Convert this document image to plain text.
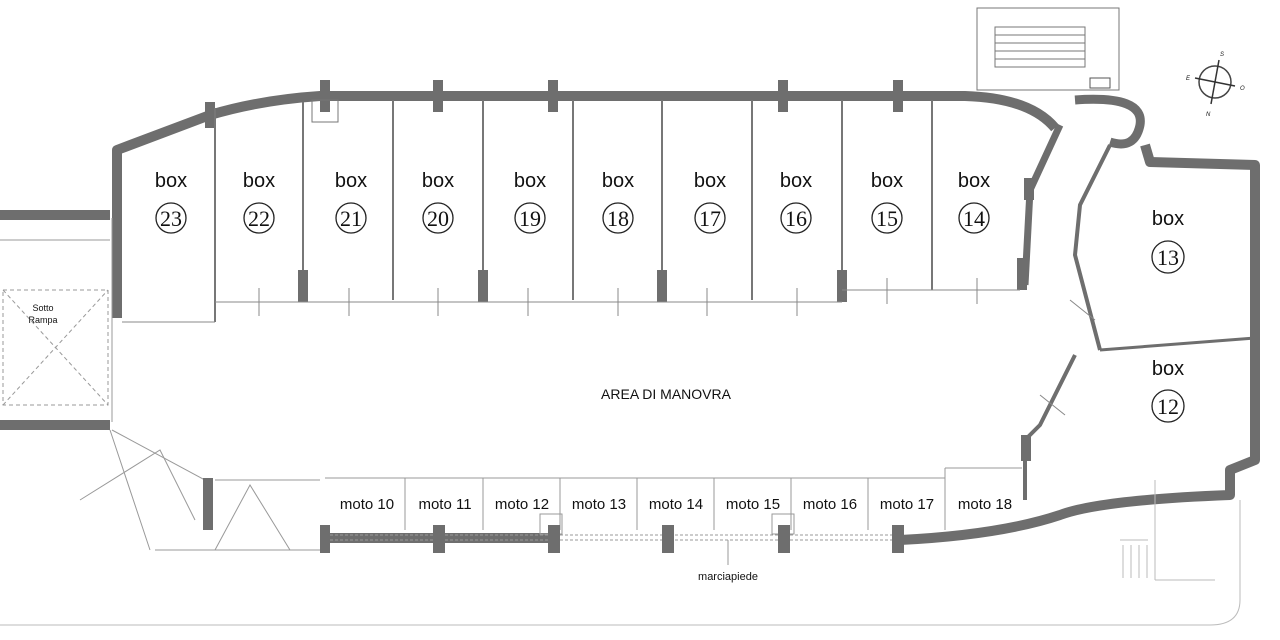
S
E
O
N
box
23
box
22
box
21
box
20
box
19
box
18
box
17
box
16
box
15
box
14	box
13
box
12
AREA DI MANOVRA
Sotto
Rampa
moto 10 moto 11 moto 12 moto 13 moto 14 moto 15 moto 16 moto 17 moto 18
marciapiede
